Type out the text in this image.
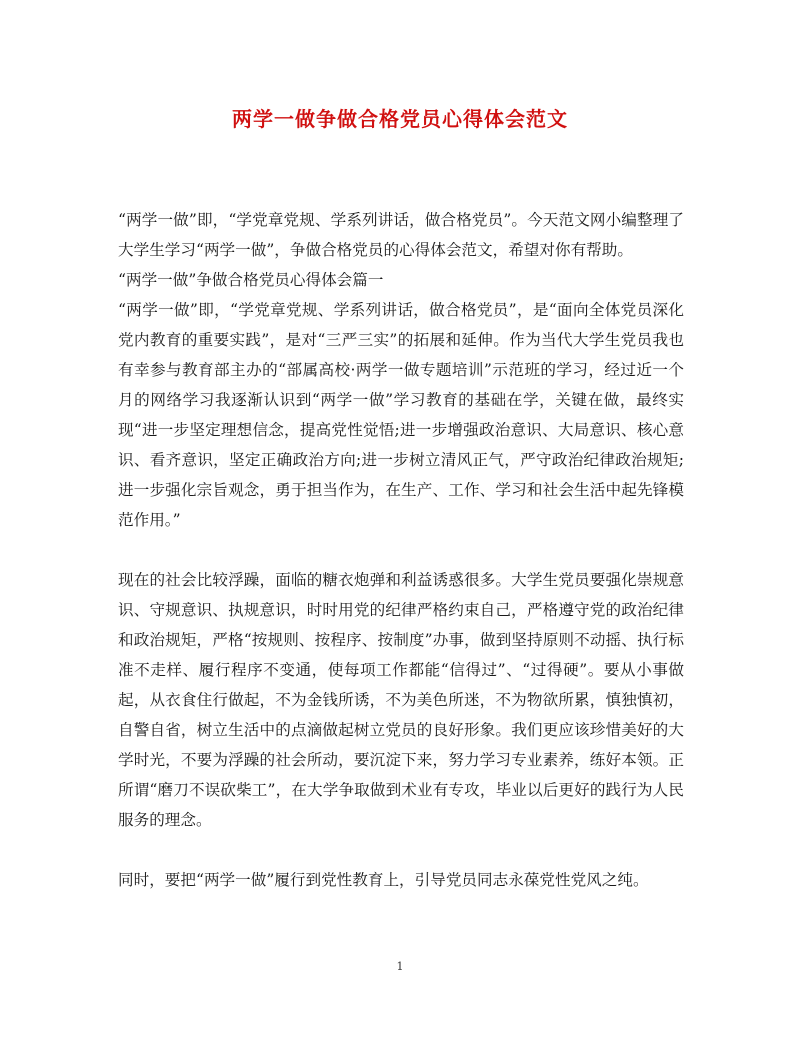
两学一做争做合格党员心得体会范文

“两学一做”即，“学党章党规、学系列讲话，做合格党员”。今天范文网小编整理了大学生学习“两学一做”，争做合格党员的心得体会范文，希望对你有帮助。

“两学一做”争做合格党员心得体会篇一

“两学一做”即，“学党章党规、学系列讲话，做合格党员”，是“面向全体党员深化党内教育的重要实践”，是对“三严三实”的拓展和延伸。作为当代大学生党员我也有幸参与教育部主办的“部属高校·两学一做专题培训”示范班的学习，经过近一个月的网络学习我逐渐认识到“两学一做”学习教育的基础在学，关键在做，最终实现“进一步坚定理想信念，提高党性觉悟;进一步增强政治意识、大局意识、核心意识、看齐意识，坚定正确政治方向;进一步树立清风正气，严守政治纪律政治规矩;进一步强化宗旨观念，勇于担当作为，在生产、工作、学习和社会生活中起先锋模范作用。”

现在的社会比较浮躁，面临的糖衣炮弹和利益诱惑很多。大学生党员要强化崇规意识、守规意识、执规意识，时时用党的纪律严格约束自己，严格遵守党的政治纪律和政治规矩，严格“按规则、按程序、按制度”办事，做到坚持原则不动摇、执行标准不走样、履行程序不变通，使每项工作都能“信得过”、“过得硬”。要从小事做起，从衣食住行做起，不为金钱所诱，不为美色所迷，不为物欲所累，慎独慎初，自警自省，树立生活中的点滴做起树立党员的良好形象。我们更应该珍惜美好的大学时光，不要为浮躁的社会所动，要沉淀下来，努力学习专业素养，练好本领。正所谓“磨刀不误砍柴工”，在大学争取做到术业有专攻，毕业以后更好的践行为人民服务的理念。

同时，要把“两学一做”履行到党性教育上，引导党员同志永葆党性党风之纯。

1
